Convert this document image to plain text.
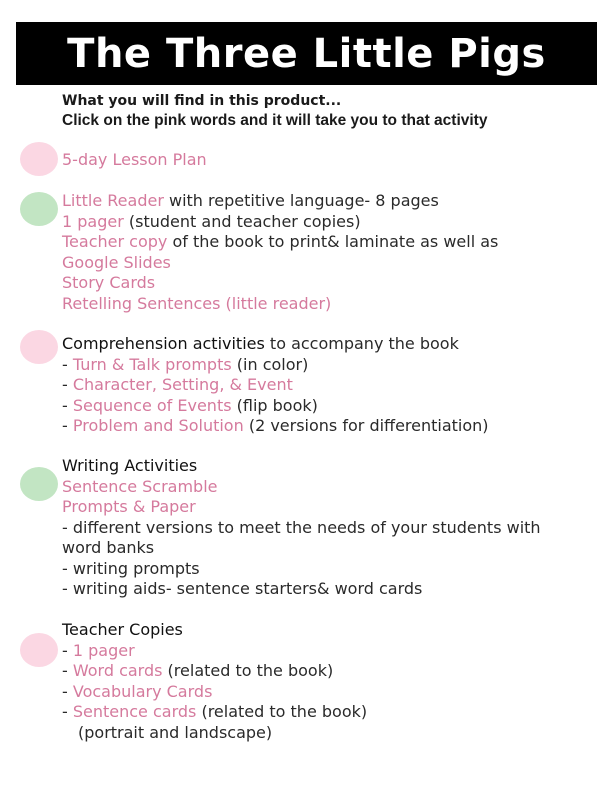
The Three Little Pigs
What you will find in this product...
Click on the pink words and it will take you to that activity
5-day Lesson Plan
Little Reader with repetitive language- 8 pages
1 pager (student and teacher copies)
Teacher copy of the book to print& laminate as well as
Google Slides
Story Cards
Retelling Sentences (little reader)
Comprehension activities to accompany the book
- Turn & Talk prompts (in color)
- Character, Setting, & Event
- Sequence of Events (flip book)
- Problem and Solution (2 versions for differentiation)
Writing Activities
Sentence Scramble
Prompts & Paper
- different versions to meet the needs of your students with
word banks
- writing prompts
- writing aids- sentence starters& word cards
Teacher Copies
- 1 pager
- Word cards (related to the book)
- Vocabulary Cards
- Sentence cards (related to the book)
(portrait and landscape)
